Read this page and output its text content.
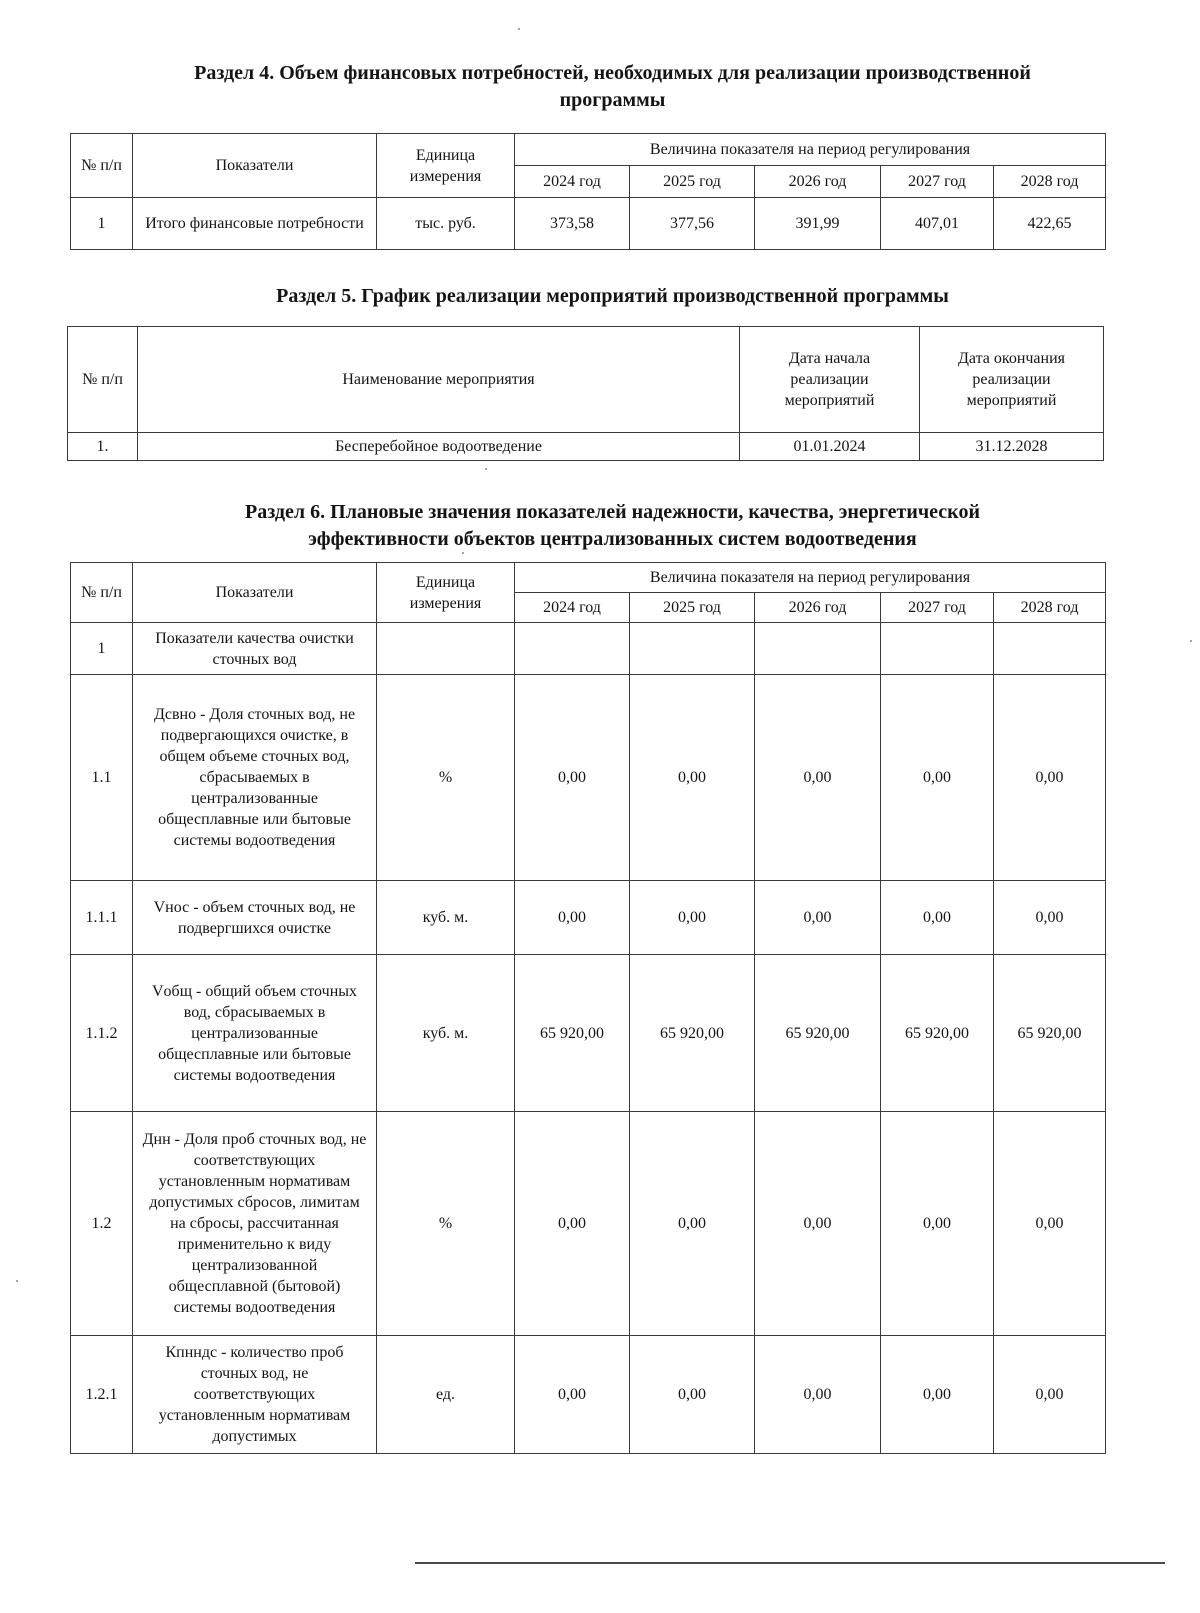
Раздел 4. Объем финансовых потребностей, необходимых для реализации производственной
программы
№ п/п	Показатели	Единица измерения	Величина показателя на период регулирования				
			2024 год	2025 год	2026 год	2027 год	2028 год
1	Итого финансовые потребности	тыс. руб.	373,58	377,56	391,99	407,01	422,65
Раздел 5. График реализации мероприятий производственной программы
№ п/п	Наименование мероприятия	Дата начала реализации мероприятий	Дата окончания реализации мероприятий
1.	Бесперебойное водоотведение	01.01.2024	31.12.2028
Раздел 6. Плановые значения показателей надежности, качества, энергетической
эффективности объектов централизованных систем водоотведения
№ п/п	Показатели	Единица измерения	Величина показателя на период регулирования				
			2024 год	2025 год	2026 год	2027 год	2028 год
1	Показатели качества очистки сточных вод						
1.1	Дсвно - Доля сточных вод, не подвергающихся очистке, в общем объеме сточных вод, сбрасываемых в централизованные общесплавные или бытовые системы водоотведения	%	0,00	0,00	0,00	0,00	0,00
1.1.1	Vнос - объем сточных вод, не подвергшихся очистке	куб. м.	0,00	0,00	0,00	0,00	0,00
1.1.2	Vобщ - общий объем сточных вод, сбрасываемых в централизованные общесплавные или бытовые системы водоотведения	куб. м.	65 920,00	65 920,00	65 920,00	65 920,00	65 920,00
1.2	Днн - Доля проб сточных вод, не соответствующих установленным нормативам допустимых сбросов, лимитам на сбросы, рассчитанная применительно к виду централизованной общесплавной (бытовой) системы водоотведения	%	0,00	0,00	0,00	0,00	0,00
1.2.1	Кпнндс - количество проб сточных вод, не соответствующих установленным нормативам допустимых	ед.	0,00	0,00	0,00	0,00	0,00
